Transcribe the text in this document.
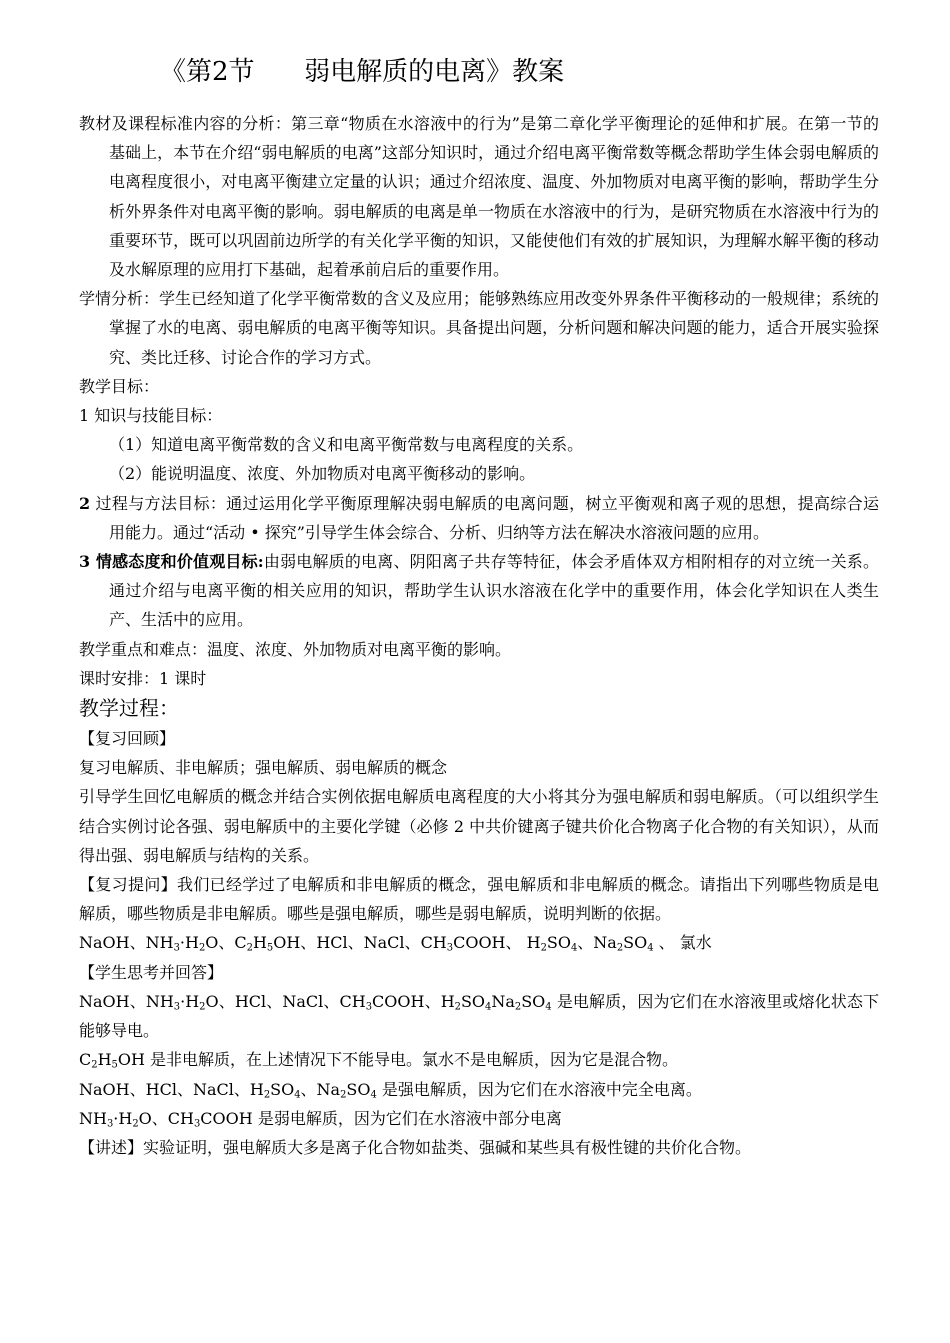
《第2节      弱电解质的电离》教案

教材及课程标准内容的分析：第三章“物质在水溶液中的行为”是第二章化学平衡理论的延伸和扩展。在第一节的基础上，本节在介绍“弱电解质的电离”这部分知识时，通过介绍电离平衡常数等概念帮助学生体会弱电解质的电离程度很小，对电离平衡建立定量的认识；通过介绍浓度、温度、外加物质对电离平衡的影响，帮助学生分析外界条件对电离平衡的影响。弱电解质的电离是单一物质在水溶液中的行为，是研究物质在水溶液中行为的重要环节，既可以巩固前边所学的有关化学平衡的知识，又能使他们有效的扩展知识，为理解水解平衡的移动及水解原理的应用打下基础，起着承前启后的重要作用。

学情分析：学生已经知道了化学平衡常数的含义及应用；能够熟练应用改变外界条件平衡移动的一般规律；系统的掌握了水的电离、弱电解质的电离平衡等知识。具备提出问题，分析问题和解决问题的能力，适合开展实验探究、类比迁移、讨论合作的学习方式。

教学目标：

1 知识与技能目标：

（1）知道电离平衡常数的含义和电离平衡常数与电离程度的关系。

（2）能说明温度、浓度、外加物质对电离平衡移动的影响。

2 过程与方法目标：通过运用化学平衡原理解决弱电解质的电离问题，树立平衡观和离子观的思想，提高综合运用能力。通过“活动 • 探究”引导学生体会综合、分析、归纳等方法在解决水溶液问题的应用。

3 情感态度和价值观目标:由弱电解质的电离、阴阳离子共存等特征，体会矛盾体双方相附相存的对立统一关系。通过介绍与电离平衡的相关应用的知识，帮助学生认识水溶液在化学中的重要作用，体会化学知识在人类生产、生活中的应用。

教学重点和难点：温度、浓度、外加物质对电离平衡的影响。

课时安排：1 课时

教学过程：

【复习回顾】

复习电解质、非电解质；强电解质、弱电解质的概念

引导学生回忆电解质的概念并结合实例依据电解质电离程度的大小将其分为强电解质和弱电解质。（可以组织学生结合实例讨论各强、弱电解质中的主要化学键（必修 2 中共价键离子键共价化合物离子化合物的有关知识），从而得出强、弱电解质与结构的关系。

【复习提问】我们已经学过了电解质和非电解质的概念，强电解质和非电解质的概念。请指出下列哪些物质是电解质，哪些物质是非电解质。哪些是强电解质，哪些是弱电解质，说明判断的依据。

NaOH、$NH_3\cdot H_2O$、$C_2H_5OH$、HCl、NaCl、$CH_3COOH$、 $H_2SO_4$、$Na_2SO_4$ 、 氯水

【学生思考并回答】

NaOH、$NH_3\cdot H_2O$、HCl、NaCl、$CH_3COOH$、$H_2SO_4Na_2SO_4$ 是电解质，因为它们在水溶液里或熔化状态下能够导电。

$C_2H_5OH$ 是非电解质，在上述情况下不能导电。氯水不是电解质，因为它是混合物。

NaOH、HCl、NaCl、$H_2SO_4$、$Na_2SO_4$ 是强电解质，因为它们在水溶液中完全电离。

$NH_3\cdot H_2O$、$CH_3COOH$ 是弱电解质，因为它们在水溶液中部分电离

【讲述】实验证明，强电解质大多是离子化合物如盐类、强碱和某些具有极性键的共价化合物。
